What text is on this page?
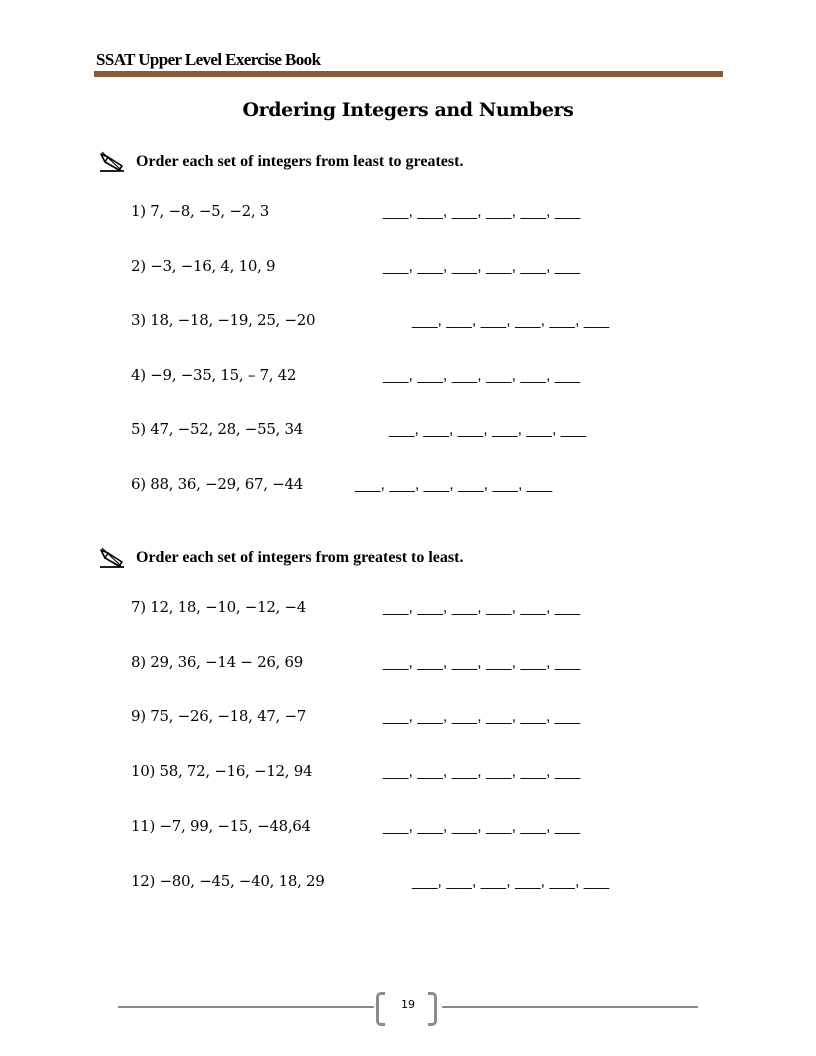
SSAT Upper Level Exercise Book
Ordering Integers and Numbers
Order each set of integers from least to greatest.
1) 7, −8, −5, −2, 3	___, ___, ___, ___, ___, ___
2) −3, −16, 4, 10, 9	___, ___, ___, ___, ___, ___
3) 18, −18, −19, 25, −20	___, ___, ___, ___, ___, ___
4) −9, −35, 15, – 7, 42	___, ___, ___, ___, ___, ___
5) 47, −52, 28, −55, 34	___, ___, ___, ___, ___, ___
6) 88, 36, −29, 67, −44	___, ___, ___, ___, ___, ___
Order each set of integers from greatest to least.
7) 12, 18, −10, −12, −4	___, ___, ___, ___, ___, ___
8) 29, 36, −14 − 26, 69	___, ___, ___, ___, ___, ___
9) 75, −26, −18, 47, −7	___, ___, ___, ___, ___, ___
10) 58, 72, −16, −12, 94	___, ___, ___, ___, ___, ___
11) −7, 99, −15, −48,64	___, ___, ___, ___, ___, ___
12) −80, −45, −40, 18, 29	___, ___, ___, ___, ___, ___
19
